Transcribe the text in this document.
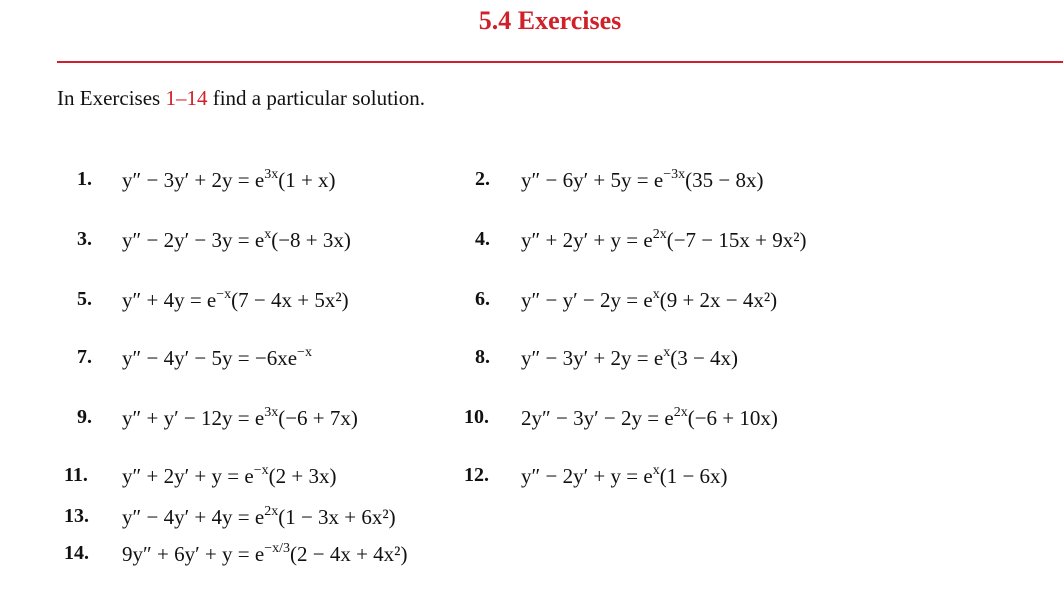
5.4 Exercises
In Exercises 1–14 find a particular solution.
1. $y'' - 3y' + 2y = e^{3x}(1 + x)$	2. $y'' - 6y' + 5y = e^{-3x}(35 - 8x)$
3. $y'' - 2y' - 3y = e^x(-8 + 3x)$	4. $y'' + 2y' + y = e^{2x}(-7 - 15x + 9x^2)$
5. $y'' + 4y = e^{-x}(7 - 4x + 5x^2)$	6. $y'' - y' - 2y = e^x(9 + 2x - 4x^2)$
7. $y'' - 4y' - 5y = -6xe^{-x}$	8. $y'' - 3y' + 2y = e^x(3 - 4x)$
9. $y'' + y' - 12y = e^{3x}(-6 + 7x)$	10. $2y'' - 3y' - 2y = e^{2x}(-6 + 10x)$
11. $y'' + 2y' + y = e^{-x}(2 + 3x)$	12. $y'' - 2y' + y = e^x(1 - 6x)$
13. $y'' - 4y' + 4y = e^{2x}(1 - 3x + 6x^2)$
14. $9y'' + 6y' + y = e^{-x/3}(2 - 4x + 4x^2)$
